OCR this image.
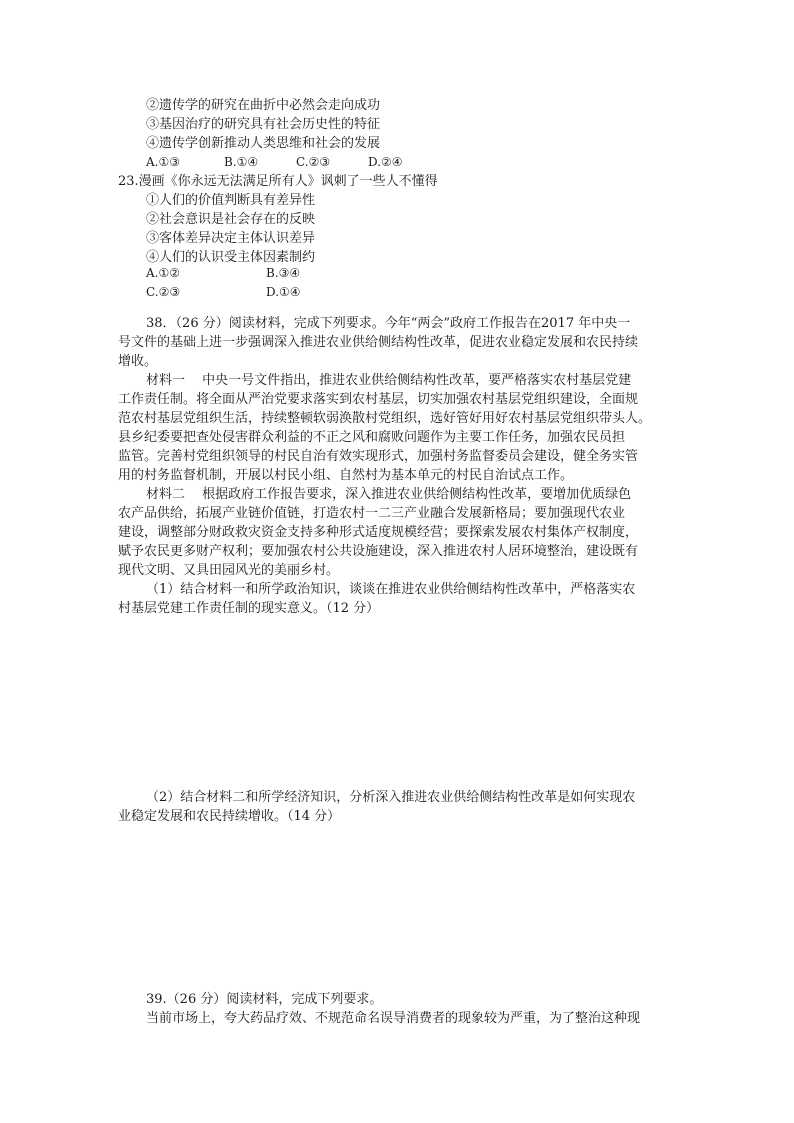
②遗传学的研究在曲折中必然会走向成功
③基因治疗的研究具有社会历史性的特征
④遗传学创新推动人类思维和社会的发展
A.①③	B.①④	C.②③	D.②④
23.漫画《你永远无法满足所有人》讽刺了一些人不懂得
①人们的价值判断具有差异性
②社会意识是社会存在的反映
③客体差异决定主体认识差异
④人们的认识受主体因素制约
A.①②	B.③④
C.②③	D.①④
38．（26 分）阅读材料，完成下列要求。今年“两会”政府工作报告在2017 年中央一
号文件的基础上进一步强调深入推进农业供给侧结构性改革，促进农业稳定发展和农民持续
增收。
材料一　 中央一号文件指出，推进农业供给侧结构性改革，要严格落实农村基层党建
工作责任制。将全面从严治党要求落实到农村基层，切实加强农村基层党组织建设，全面规
范农村基层党组织生活，持续整顿软弱涣散村党组织，选好管好用好农村基层党组织带头人。
县乡纪委要把查处侵害群众利益的不正之风和腐败问题作为主要工作任务，加强农民员担
监管。完善村党组织领导的村民自治有效实现形式，加强村务监督委员会建设，健全务实管
用的村务监督机制，开展以村民小组、自然村为基本单元的村民自治试点工作。
材料二　 根据政府工作报告要求，深入推进农业供给侧结构性改革，要增加优质绿色
农产品供给，拓展产业链价值链，打造农村一二三产业融合发展新格局；要加强现代农业
建设，调整部分财政救灾资金支持多种形式适度规模经营；要探索发展农村集体产权制度，
赋予农民更多财产权利；要加强农村公共设施建设，深入推进农村人居环境整治，建设既有
现代文明、又具田园风光的美丽乡村。
（1）结合材料一和所学政治知识，谈谈在推进农业供给侧结构性改革中，严格落实农
村基层党建工作责任制的现实意义。（12 分）
（2）结合材料二和所学经济知识，分析深入推进农业供给侧结构性改革是如何实现农
业稳定发展和农民持续增收。（14 分）
39.（26 分）阅读材料，完成下列要求。
当前市场上，夸大药品疗效、不规范命名误导消费者的现象较为严重，为了整治这种现
